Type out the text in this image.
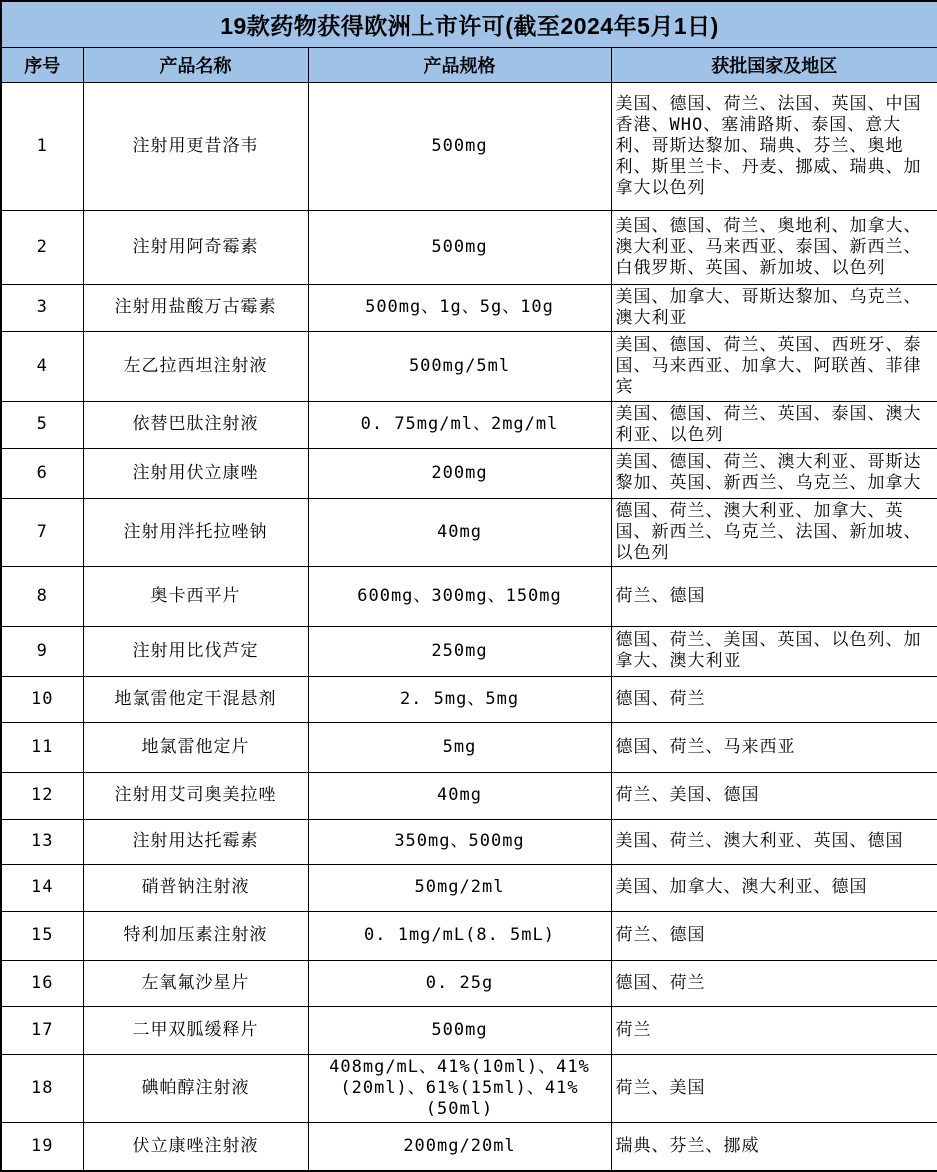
19款药物获得欧洲上市许可(截至2024年5月1日)			
序号	产品名称	产品规格	获批国家及地区
1	注射用更昔洛韦	500mg	美国、德国、荷兰、法国、英国、中国香港、WHO、塞浦路斯、泰国、意大利、哥斯达黎加、瑞典、芬兰、奥地利、斯里兰卡、丹麦、挪威、瑞典、加拿大以色列
2	注射用阿奇霉素	500mg	美国、德国、荷兰、奥地利、加拿大、澳大利亚、马来西亚、泰国、新西兰、白俄罗斯、英国、新加坡、以色列
3	注射用盐酸万古霉素	500mg、1g、5g、10g	美国、加拿大、哥斯达黎加、乌克兰、澳大利亚
4	左乙拉西坦注射液	500mg/5ml	美国、德国、荷兰、英国、西班牙、泰国、马来西亚、加拿大、阿联酋、菲律宾
5	依替巴肽注射液	0. 75mg/ml、2mg/ml	美国、德国、荷兰、英国、泰国、澳大利亚、以色列
6	注射用伏立康唑	200mg	美国、德国、荷兰、澳大利亚、哥斯达黎加、英国、新西兰、乌克兰、加拿大
7	注射用泮托拉唑钠	40mg	德国、荷兰、澳大利亚、加拿大、英国、新西兰、乌克兰、法国、新加坡、以色列
8	奥卡西平片	600mg、300mg、150mg	荷兰、德国
9	注射用比伐芦定	250mg	德国、荷兰、美国、英国、以色列、加拿大、澳大利亚
10	地氯雷他定干混悬剂	2. 5mg、5mg	德国、荷兰
11	地氯雷他定片	5mg	德国、荷兰、马来西亚
12	注射用艾司奥美拉唑	40mg	荷兰、美国、德国
13	注射用达托霉素	350mg、500mg	美国、荷兰、澳大利亚、英国、德国
14	硝普钠注射液	50mg/2ml	美国、加拿大、澳大利亚、德国
15	特利加压素注射液	0. 1mg/mL(8. 5mL)	荷兰、德国
16	左氧氟沙星片	0. 25g	德国、荷兰
17	二甲双胍缓释片	500mg	荷兰
18	碘帕醇注射液	408mg/mL、41%(10ml)、41%(20ml)、61%(15ml)、41%(50ml)	荷兰、美国
19	伏立康唑注射液	200mg/20ml	瑞典、芬兰、挪威
